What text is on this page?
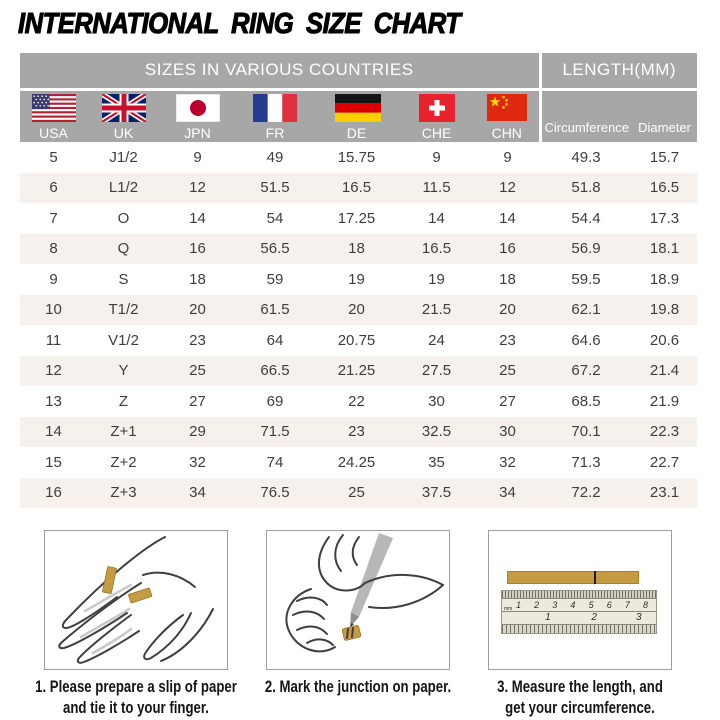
INTERNATIONAL RING SIZE CHART
SIZES IN VARIOUS COUNTRIES							LENGTH(MM)	

USA	UK	JPN	FR	DE	CHE	CHN	Circumference	Diameter
5	J1/2	9	49	15.75	9	9	49.3	15.7
6	L1/2	12	51.5	16.5	11.5	12	51.8	16.5
7	O	14	54	17.25	14	14	54.4	17.3
8	Q	16	56.5	18	16.5	16	56.9	18.1
9	S	18	59	19	19	18	59.5	18.9
10	T1/2	20	61.5	20	21.5	20	62.1	19.8
11	V1/2	23	64	20.75	24	23	64.6	20.6
12	Y	25	66.5	21.25	27.5	25	67.2	21.4
13	Z	27	69	22	30	27	68.5	21.9
14	Z+1	29	71.5	23	32.5	30	70.1	22.3
15	Z+2	32	74	24.25	35	32	71.3	22.7
16	Z+3	34	76.5	25	37.5	34	72.2	23.1
1. Please prepare a slip of paper
and tie it to your finger.
2. Mark the junction on paper.

mm 1 2 3 4 5 6 7 8
1	2	3
3. Measure the length, and
get your circumference.
